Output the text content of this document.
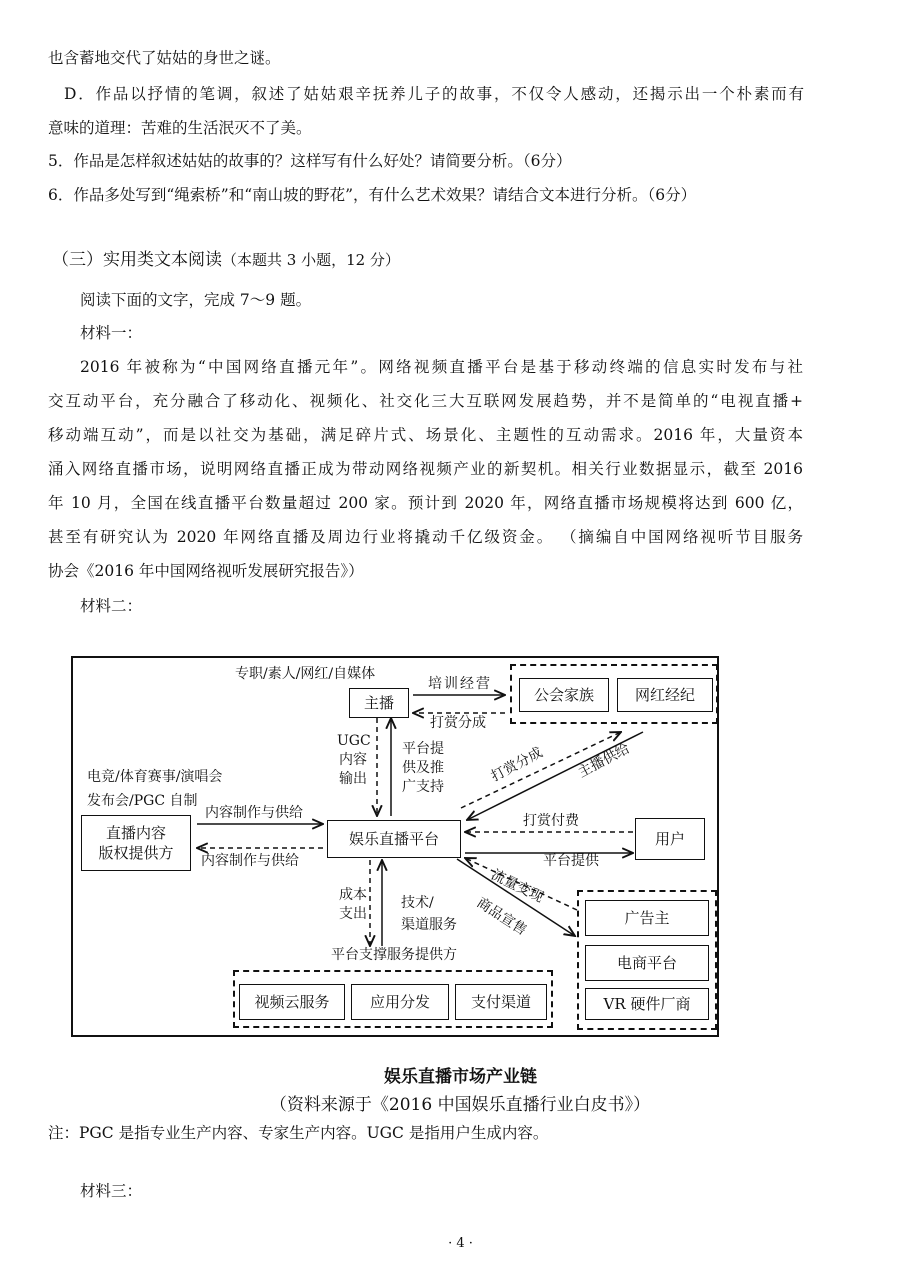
也含蓄地交代了姑姑的身世之谜。
D．作品以抒情的笔调，叙述了姑姑艰辛抚养儿子的故事，不仅令人感动，还揭示出一个朴素而有
意味的道理：苦难的生活泯灭不了美。
5．作品是怎样叙述姑姑的故事的？这样写有什么好处？请简要分析。（6分）
6．作品多处写到“绳索桥”和“南山坡的野花”，有什么艺术效果？请结合文本进行分析。（6分）
（三）实用类文本阅读（本题共 3 小题，12 分）
阅读下面的文字，完成 7～9 题。
材料一：
2016 年被称为“中国网络直播元年”。网络视频直播平台是基于移动终端的信息实时发布与社
交互动平台，充分融合了移动化、视频化、社交化三大互联网发展趋势，并不是简单的“电视直播+
移动端互动”，而是以社交为基础，满足碎片式、场景化、主题性的互动需求。2016 年，大量资本
涌入网络直播市场，说明网络直播正成为带动网络视频产业的新契机。相关行业数据显示，截至 2016
年 10 月，全国在线直播平台数量超过 200 家。预计到 2020 年，网络直播市场规模将达到 600 亿，
甚至有研究认为 2020 年网络直播及周边行业将撬动千亿级资金。 （摘编自中国网络视听节目服务
协会《2016 年中国网络视听发展研究报告》）
材料二：
专职/素人/网红/自媒体
主播
培训经营
打赏分成
公会家族	网红经纪
UGC内容输出
平台提供及推广支持
打赏分成 主播供给
电竞/体育赛事/演唱会
发布会/PGC 自制
直播内容
版权提供方
内容制作与供给
内容制作与供给
娱乐直播平台
打赏付费
用户
平台提供
流量变现
商品宣售
成本支出
技术/
渠道服务
平台支撑服务提供方
广告主
电商平台
VR 硬件厂商
视频云服务	应用分发	支付渠道
娱乐直播市场产业链
（资料来源于《2016 中国娱乐直播行业白皮书》）
注：PGC 是指专业生产内容、专家生产内容。UGC 是指用户生成内容。
材料三：
· 4 ·
